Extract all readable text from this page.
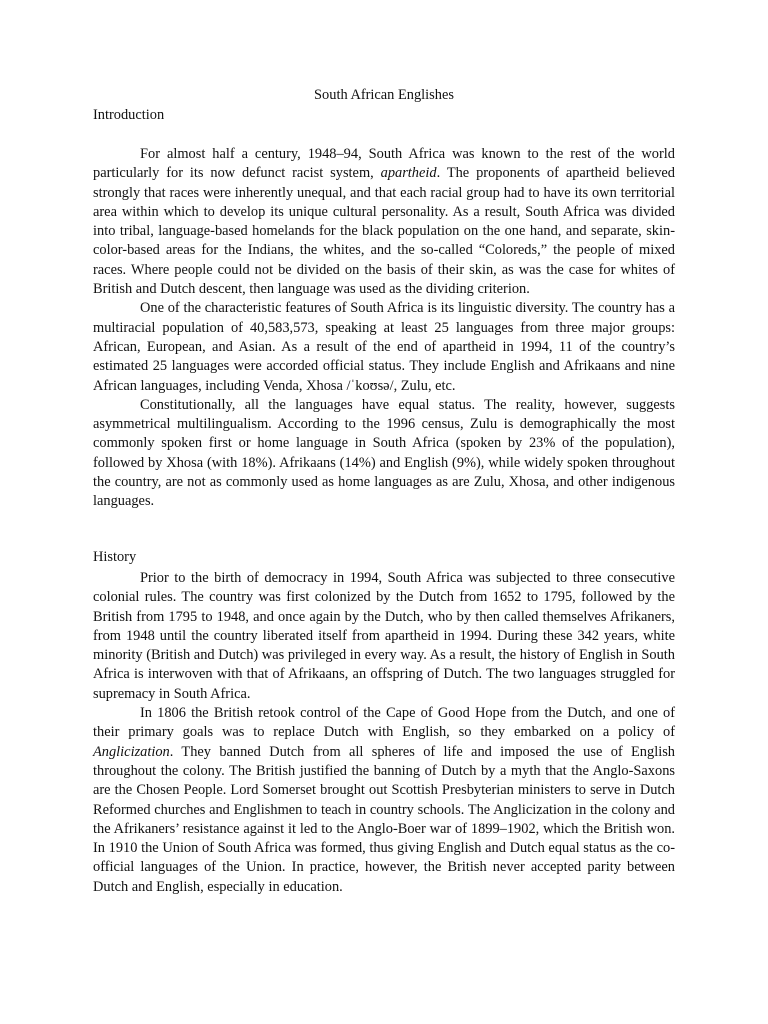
South African Englishes
Introduction

For almost half a century, 1948–94, South Africa was known to the rest of the world particularly for its now defunct racist system, apartheid. The proponents of apartheid believed strongly that races were inherently unequal, and that each racial group had to have its own territorial area within which to develop its unique cultural personality. As a result, South Africa was divided into tribal, language-based homelands for the black population on the one hand, and separate, skin-color-based areas for the Indians, the whites, and the so-called “Coloreds,” the people of mixed races. Where people could not be divided on the basis of their skin, as was the case for whites of British and Dutch descent, then language was used as the dividing criterion.

One of the characteristic features of South Africa is its linguistic diversity. The country has a multiracial population of 40,583,573, speaking at least 25 languages from three major groups: African, European, and Asian. As a result of the end of apartheid in 1994, 11 of the country’s estimated 25 languages were accorded official status. They include English and Afrikaans and nine African languages, including Venda, Xhosa /ˈkoʊsə/, Zulu, etc.

Constitutionally, all the languages have equal status. The reality, however, suggests asymmetrical multilingualism. According to the 1996 census, Zulu is demographically the most commonly spoken first or home language in South Africa (spoken by 23% of the population), followed by Xhosa (with 18%). Afrikaans (14%) and English (9%), while widely spoken throughout the country, are not as commonly used as home languages as are Zulu, Xhosa, and other indigenous languages.

History

Prior to the birth of democracy in 1994, South Africa was subjected to three consecutive colonial rules. The country was first colonized by the Dutch from 1652 to 1795, followed by the British from 1795 to 1948, and once again by the Dutch, who by then called themselves Afrikaners, from 1948 until the country liberated itself from apartheid in 1994. During these 342 years, white minority (British and Dutch) was privileged in every way. As a result, the history of English in South Africa is interwoven with that of Afrikaans, an offspring of Dutch. The two languages struggled for supremacy in South Africa.

In 1806 the British retook control of the Cape of Good Hope from the Dutch, and one of their primary goals was to replace Dutch with English, so they embarked on a policy of Anglicization. They banned Dutch from all spheres of life and imposed the use of English throughout the colony. The British justified the banning of Dutch by a myth that the Anglo-Saxons are the Chosen People. Lord Somerset brought out Scottish Presbyterian ministers to serve in Dutch Reformed churches and Englishmen to teach in country schools. The Anglicization in the colony and the Afrikaners’ resistance against it led to the Anglo-Boer war of 1899–1902, which the British won. In 1910 the Union of South Africa was formed, thus giving English and Dutch equal status as the co-official languages of the Union. In practice, however, the British never accepted parity between Dutch and English, especially in education.
